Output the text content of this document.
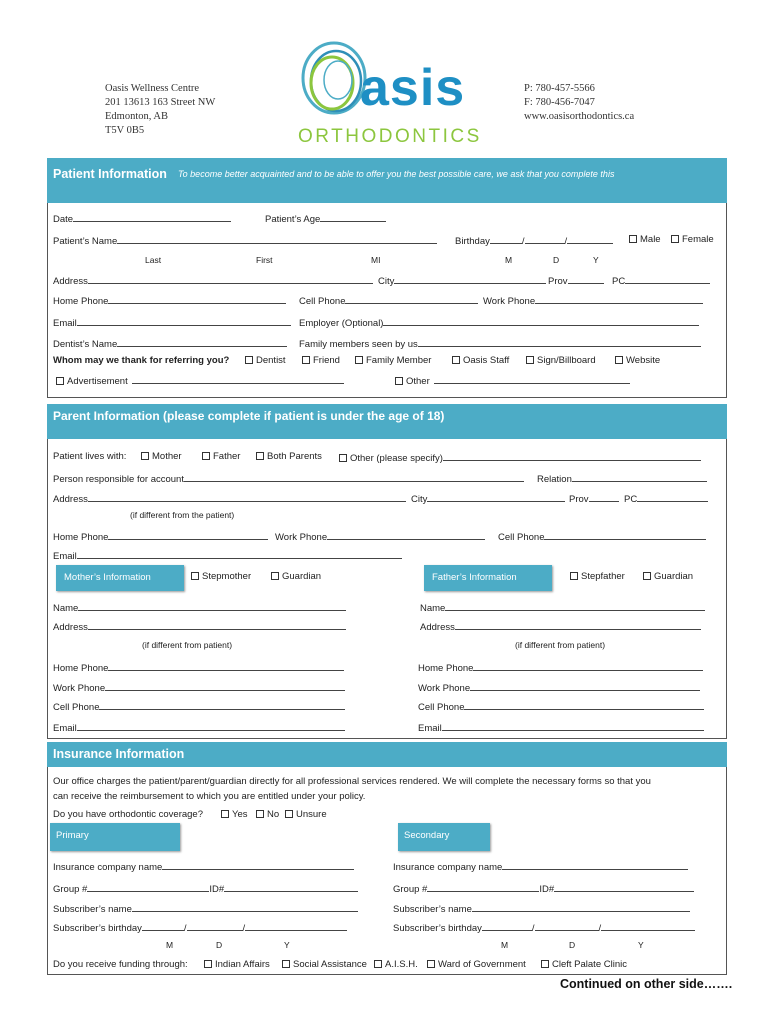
Oasis Wellness Centre
201 13613 163 Street NW
Edmonton, AB
T5V 0B5
asis
ORTHODONTICS
P: 780-457-5566
F: 780-456-7047
www.oasisorthodontics.ca
Patient Information To become better acquainted and to be able to offer you the best possible care, we ask that you complete this
Date	Patient’s Age
Patient’s Name	Birthday	/	/	Male	Female
Last	First	MI	M	D	Y
Address	City	Prov	PC
Home Phone	Cell Phone	Work Phone
Email	Employer (Optional)
Dentist’s Name	Family members seen by us
Whom may we thank for referring you?	Dentist	Friend	Family Member	Oasis Staff	Sign/Billboard	Website
Advertisement	Other
Parent Information (please complete if patient is under the age of 18)
Patient lives with:	Mother	Father	Both Parents	Other (please specify)
Person responsible for account	Relation
Address	City	Prov	PC
(if different from the patient)
Home Phone	Work Phone	Cell Phone
Email
Mother’s Information	Stepmother	Guardian	Father’s Information	Stepfather	Guardian
Name	Name
Address	Address
(if different from patient)	(if different from patient)
Home Phone	Home Phone
Work Phone	Work Phone
Cell Phone	Cell Phone
Email	Email
Insurance Information
Our office charges the patient/parent/guardian directly for all professional services rendered. We will complete the necessary forms so that you
can receive the reimbursement to which you are entitled under your policy.
Do you have orthodontic coverage?	Yes	No	Unsure
Primary	Secondary
Insurance company name	Insurance company name
Group #	ID#	Group #	ID#
Subscriber’s name	Subscriber’s name
Subscriber’s birthday	/	/	Subscriber’s birthday	/	/
M	D	Y	M	D	Y
Do you receive funding through:	Indian Affairs	Social Assistance	A.I.S.H.	Ward of Government	Cleft Palate Clinic
Continued on other side…….
